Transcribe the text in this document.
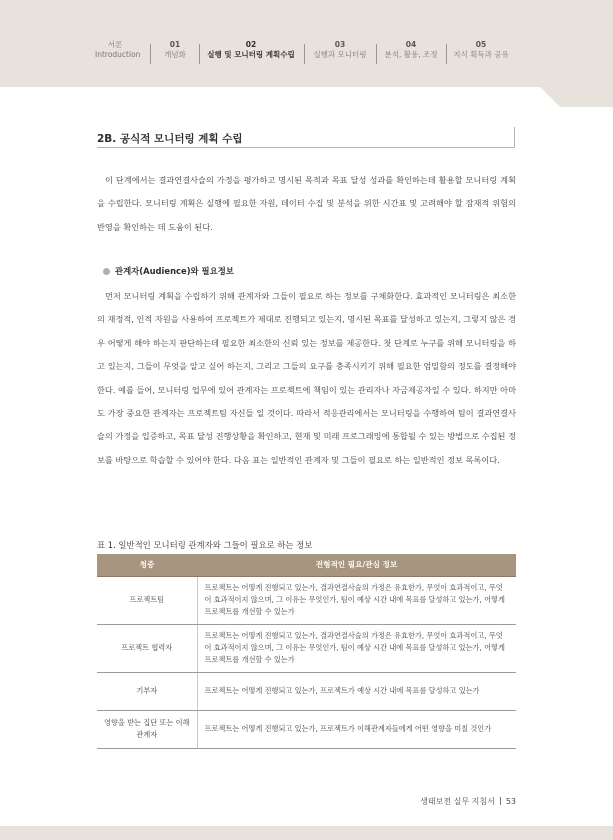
서론
Introduction
01
개념화
02
실행 및 모니터링 계획수립
03
실행과 모니터링
04
분석, 활용, 조정
05
지식 획득과 공유
2B. 공식적 모니터링 계획 수립
이 단계에서는 결과연결사슬의 가정을 평가하고 명시된 목적과 목표 달성 성과를 확인하는데 활용할 모니터링 계획을 수립한다. 모니터링 계획은 실행에 필요한 자원, 데이터 수집 및 분석을 위한 시간표 및 고려해야 할 잠재적 위험의 반영을 확인하는 데 도움이 된다.
관계자(Audience)와 필요정보
먼저 모니터링 계획을 수립하기 위해 관계자와 그들이 필요로 하는 정보를 구체화한다. 효과적인 모니터링은 최소한의 재정적, 인적 자원을 사용하여 프로젝트가 제대로 진행되고 있는지, 명시된 목표를 달성하고 있는지, 그렇지 않은 경우 어떻게 해야 하는지 판단하는데 필요한 최소한의 신뢰 있는 정보를 제공한다. 첫 단계로 누구를 위해 모니터링을 하고 있는지, 그들이 무엇을 알고 싶어 하는지, 그리고 그들의 요구를 충족시키기 위해 필요한 엄밀함의 정도를 결정해야 한다. 예를 들어, 모니터링 업무에 있어 관계자는 프로젝트에 책임이 있는 관리자나 자금제공자일 수 있다. 하지만 아마도 가장 중요한 관계자는 프로젝트팀 자신들 일 것이다. 따라서 적응관리에서는 모니터링을 수행하여 팀이 결과연결사슬의 가정을 입증하고, 목표 달성 진행상황을 확인하고, 현재 및 미래 프로그래밍에 통합될 수 있는 방법으로 수집된 정보를 바탕으로 학습할 수 있어야 한다. 다음 표는 일반적인 관계자 및 그들이 필요로 하는 일반적인 정보 목록이다.
표 1. 일반적인 모니터링 관계자와 그들이 필요로 하는 정보
청중	전형적인 필요/관심 정보
프로젝트팀	프로젝트는 어떻게 진행되고 있는가, 결과연결사슬의 가정은 유효한가, 무엇이 효과적이고, 무엇이 효과적이지 않으며, 그 이유는 무엇인가, 팀이 예상 시간 내에 목표를 달성하고 있는가, 어떻게 프로젝트를 개선할 수 있는가
프로젝트 협력자	프로젝트는 어떻게 진행되고 있는가, 결과연결사슬의 가정은 유효한가, 무엇이 효과적이고, 무엇이 효과적이지 않으며, 그 이유는 무엇인가, 팀이 예상 시간 내에 목표를 달성하고 있는가, 어떻게 프로젝트를 개선할 수 있는가
기부자	프로젝트는 어떻게 진행되고 있는가, 프로젝트가 예상 시간 내에 목표를 달성하고 있는가
영향을 받는 집단 또는 이해관계자	프로젝트는 어떻게 진행되고 있는가, 프로젝트가 이해관계자들에게 어떤 영향을 미칠 것인가
생태보전 실무 지침서 53
